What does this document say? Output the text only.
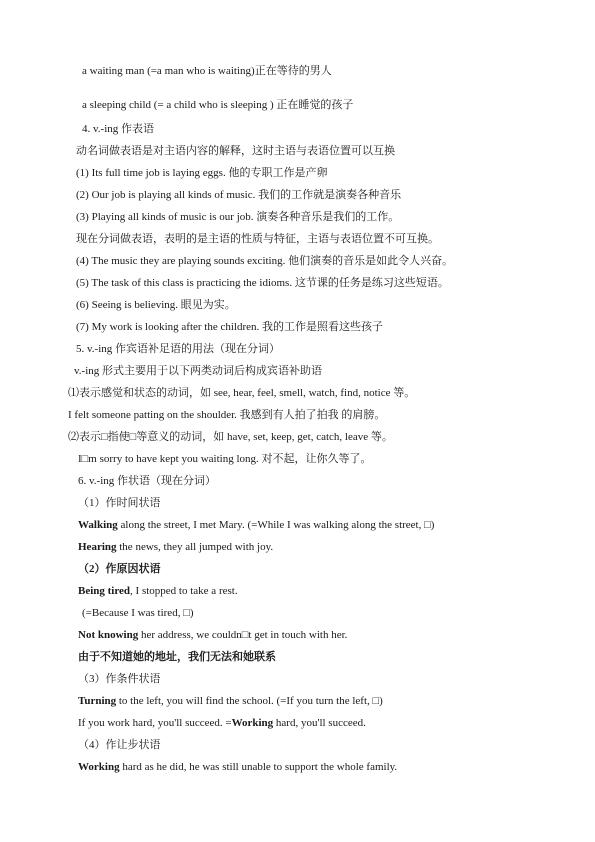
a waiting man (=a man who is waiting)正在等待的男人
a sleeping child (= a child who is sleeping ) 正在睡觉的孩子
4. v.-ing 作表语
动名词做表语是对主语内容的解释，这时主语与表语位置可以互换
(1) Its full time job is laying eggs. 他的专职工作是产卵
(2) Our job is playing all kinds of music. 我们的工作就是演奏各种音乐
(3) Playing all kinds of music is our job. 演奏各种音乐是我们的工作。
现在分词做表语，表明的是主语的性质与特征，主语与表语位置不可互换。
(4) The music they are playing sounds exciting. 他们演奏的音乐是如此令人兴奋。
(5) The task of this class is practicing the idioms. 这节课的任务是练习这些短语。
(6) Seeing is believing. 眼见为实。
(7) My work is looking after the children. 我的工作是照看这些孩子
5. v.-ing 作宾语补足语的用法（现在分词）
v.-ing 形式主要用于以下两类动词后构成宾语补助语
⑴表示感觉和状态的动词，如 see, hear, feel, smell, watch, find, notice 等。
I felt someone patting on the shoulder. 我感到有人拍了拍我 的肩膀。
⑵表示□指使□等意义的动词，如 have, set, keep, get, catch, leave 等。
I□m sorry to have kept you waiting long. 对不起，让你久等了。
6. v.-ing 作状语（现在分词）
（1）作时间状语
Walking along the street, I met Mary. (=While I was walking along the street, □)
Hearing the news, they all jumped with joy.
（2）作原因状语
Being tired, I stopped to take a rest.
(=Because I was tired, □)
Not knowing her address, we couldn□t get in touch with her.
由于不知道她的地址，我们无法和她联系
（3）作条件状语
Turning to the left, you will find the school. (=If you turn the left, □)
If you work hard, you'll succeed. =Working hard, you'll succeed.
（4）作让步状语
Working hard as he did, he was still unable to support the whole family.
